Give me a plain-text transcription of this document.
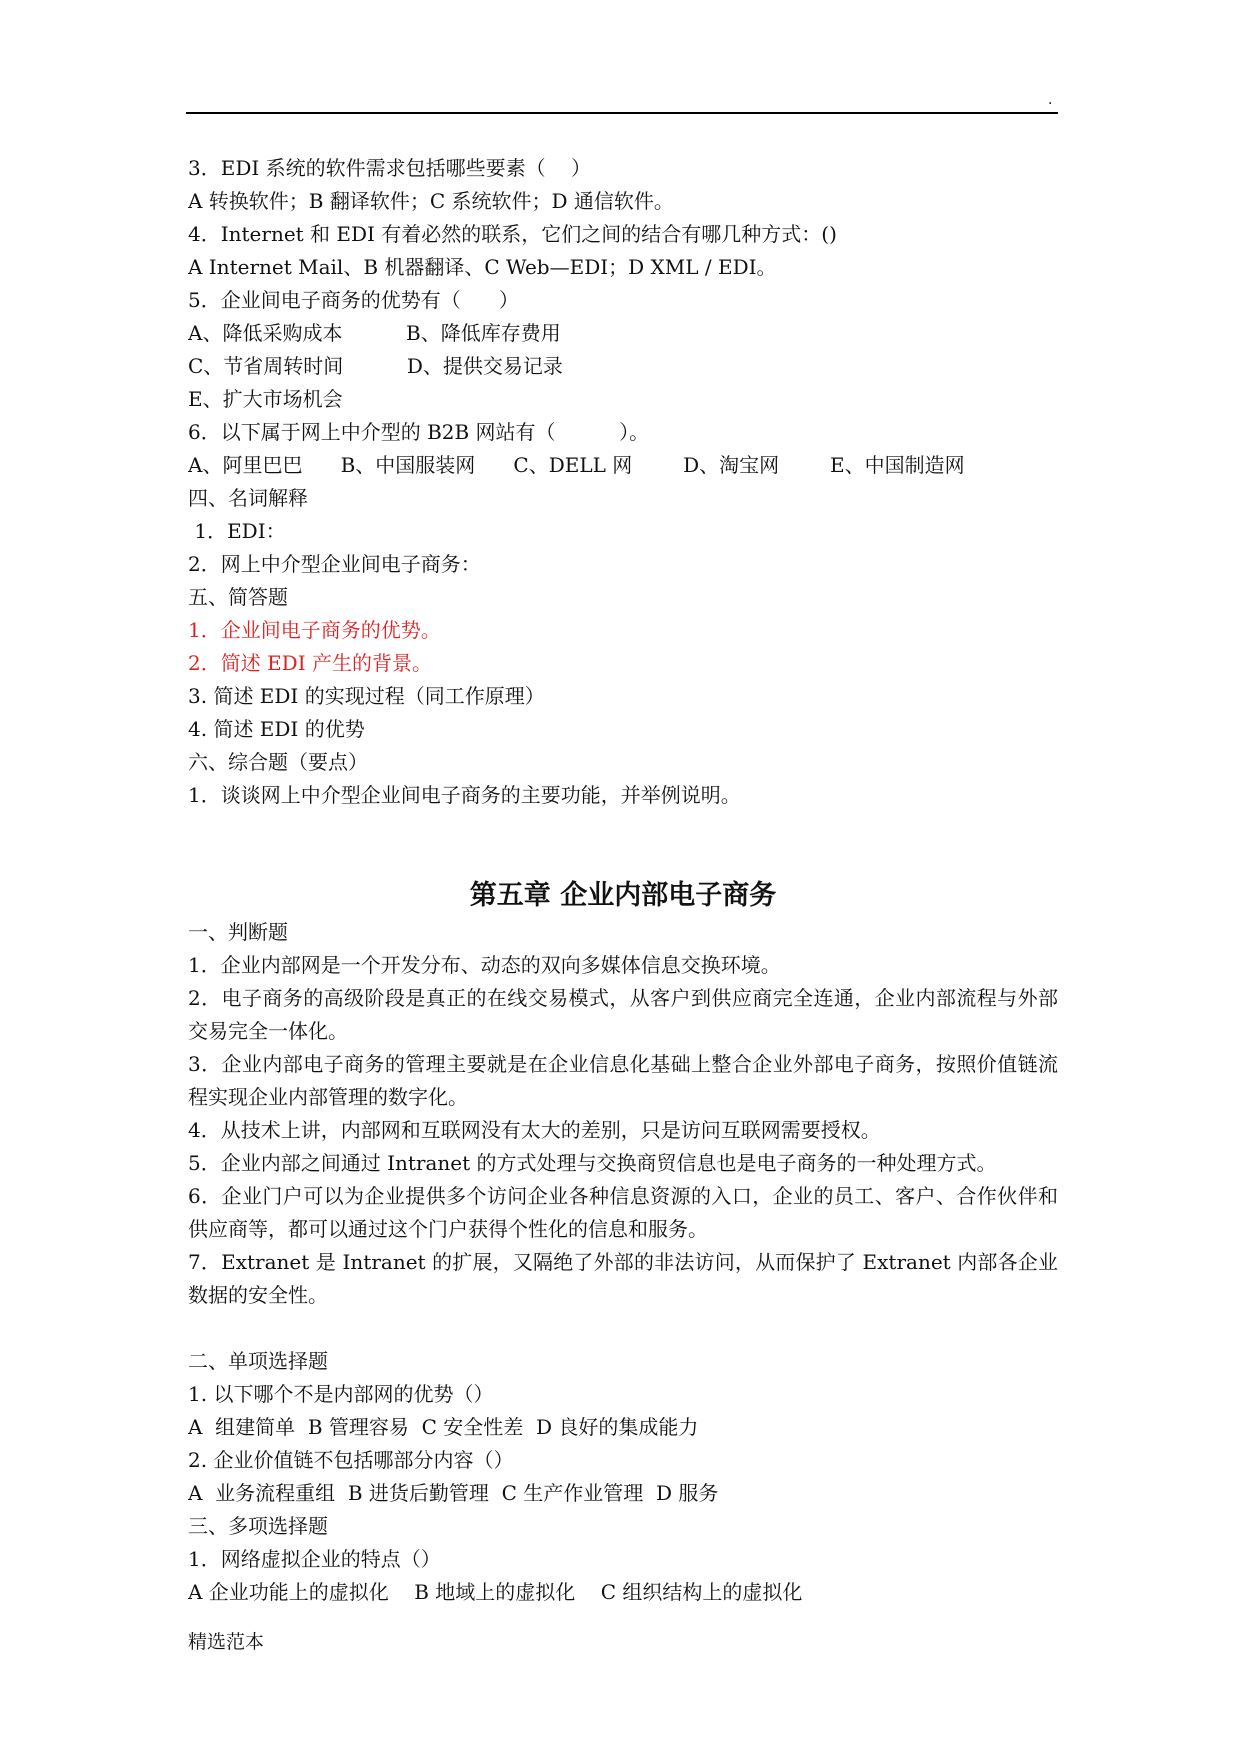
.
3．EDI 系统的软件需求包括哪些要素（    ）
A 转换软件；B 翻译软件；C 系统软件；D 通信软件。
4．Internet 和 EDI 有着必然的联系，它们之间的结合有哪几种方式：()
A Internet Mail、B 机器翻译、C Web—EDI；D XML / EDI。
5．企业间电子商务的优势有（      ）
A、降低采购成本          B、降低库存费用
C、节省周转时间          D、提供交易记录
E、扩大市场机会
6．以下属于网上中介型的 B2B 网站有（          ）。
A、阿里巴巴      B、中国服装网      C、DELL 网        D、淘宝网        E、中国制造网
四、名词解释
1．EDI：
2．网上中介型企业间电子商务：
五、简答题
1．企业间电子商务的优势。
2．简述 EDI 产生的背景。
3. 简述 EDI 的实现过程（同工作原理）
4. 简述 EDI 的优势
六、综合题（要点）
1．谈谈网上中介型企业间电子商务的主要功能，并举例说明。
第五章 企业内部电子商务
一、判断题
1．企业内部网是一个开发分布、动态的双向多媒体信息交换环境。
2．电子商务的高级阶段是真正的在线交易模式，从客户到供应商完全连通，企业内部流程与外部交易完全一体化。
3．企业内部电子商务的管理主要就是在企业信息化基础上整合企业外部电子商务，按照价值链流程实现企业内部管理的数字化。
4．从技术上讲，内部网和互联网没有太大的差别，只是访问互联网需要授权。
5．企业内部之间通过 Intranet 的方式处理与交换商贸信息也是电子商务的一种处理方式。
6．企业门户可以为企业提供多个访问企业各种信息资源的入口，企业的员工、客户、合作伙伴和供应商等，都可以通过这个门户获得个性化的信息和服务。
7．Extranet 是 Intranet 的扩展，又隔绝了外部的非法访问，从而保护了 Extranet 内部各企业数据的安全性。
二、单项选择题
1. 以下哪个不是内部网的优势（）
A  组建简单  B 管理容易  C 安全性差  D 良好的集成能力
2. 企业价值链不包括哪部分内容（）
A  业务流程重组  B 进货后勤管理  C 生产作业管理  D 服务
三、多项选择题
1．网络虚拟企业的特点（）
A 企业功能上的虚拟化    B 地域上的虚拟化    C 组织结构上的虚拟化
精选范本
